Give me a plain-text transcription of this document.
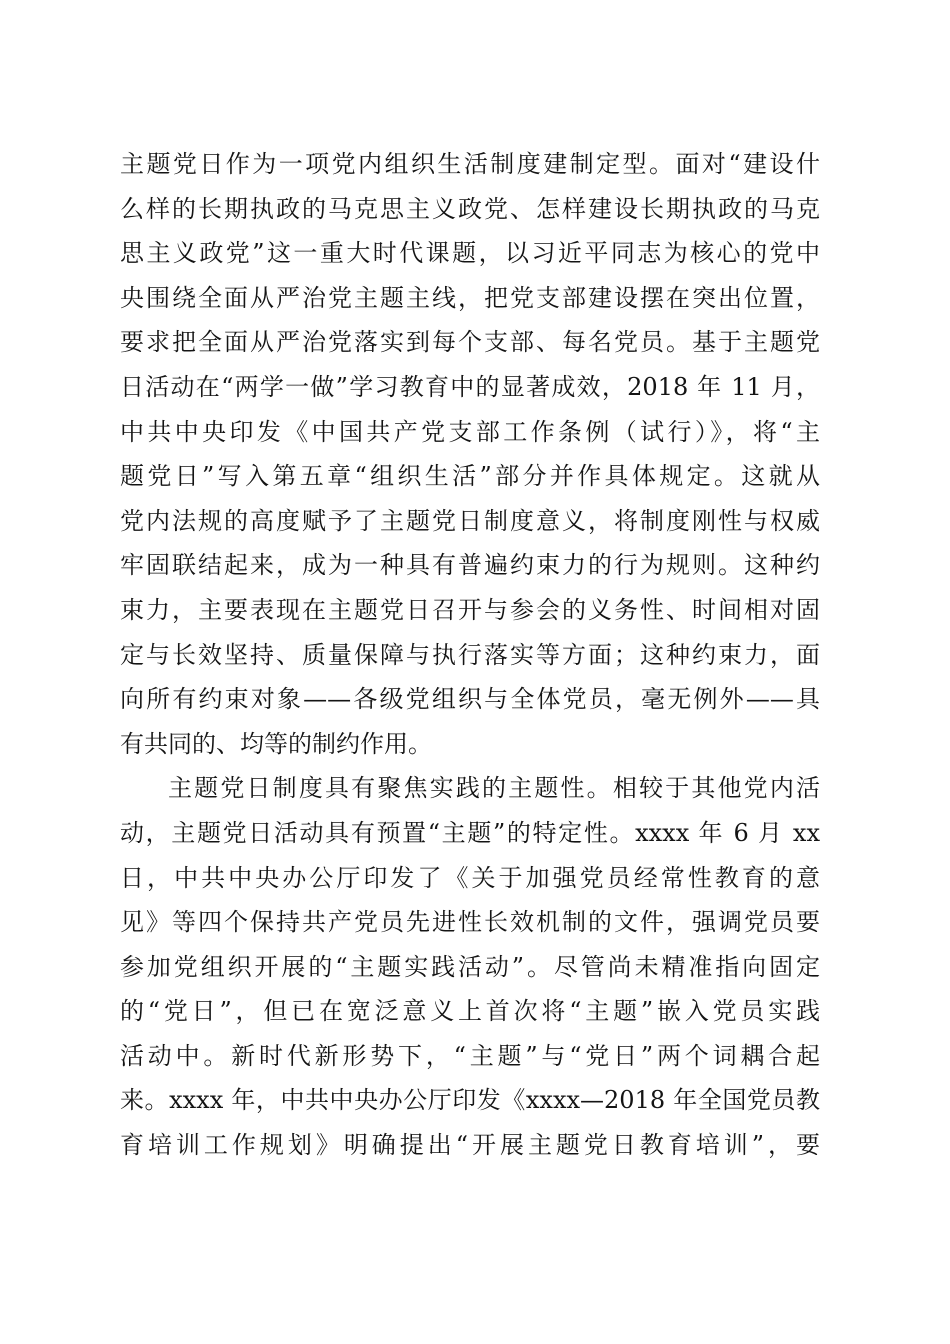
主题党日作为一项党内组织生活制度建制定型。面对“建设什
么样的长期执政的马克思主义政党、怎样建设长期执政的马克
思主义政党”这一重大时代课题，以习近平同志为核心的党中
央围绕全面从严治党主题主线，把党支部建设摆在突出位置，
要求把全面从严治党落实到每个支部、每名党员。基于主题党
日活动在“两学一做”学习教育中的显著成效，2018 年 11 月，
中共中央印发《中国共产党支部工作条例（试行）》，将“主
题党日”写入第五章“组织生活”部分并作具体规定。这就从
党内法规的高度赋予了主题党日制度意义，将制度刚性与权威
牢固联结起来，成为一种具有普遍约束力的行为规则。这种约
束力，主要表现在主题党日召开与参会的义务性、时间相对固
定与长效坚持、质量保障与执行落实等方面；这种约束力，面
向所有约束对象——各级党组织与全体党员，毫无例外——具
有共同的、均等的制约作用。
主题党日制度具有聚焦实践的主题性。相较于其他党内活
动，主题党日活动具有预置“主题”的特定性。xxxx 年 6 月 xx
日，中共中央办公厅印发了《关于加强党员经常性教育的意
见》等四个保持共产党员先进性长效机制的文件，强调党员要
参加党组织开展的“主题实践活动”。尽管尚未精准指向固定
的“党日”，但已在宽泛意义上首次将“主题”嵌入党员实践
活动中。新时代新形势下，“主题”与“党日”两个词耦合起
来。xxxx 年，中共中央办公厅印发《xxxx—2018 年全国党员教
育培训工作规划》明确提出“开展主题党日教育培训”，要
